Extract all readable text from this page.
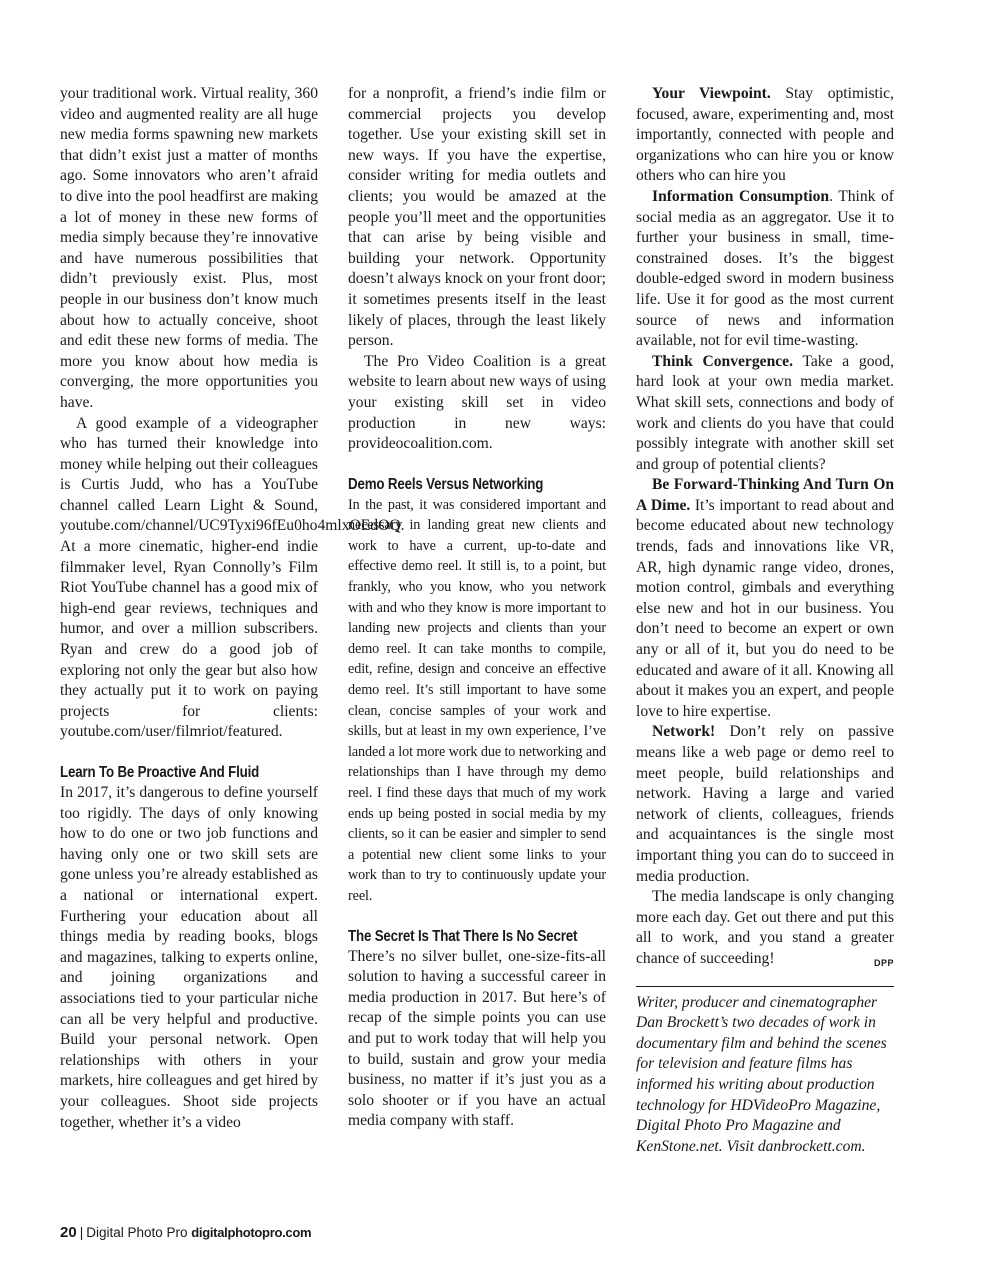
your traditional work. Virtual reality, 360 video and augmented reality are all huge new media forms spawning new markets that didn’t exist just a matter of months ago. Some innovators who aren’t afraid to dive into the pool headfirst are making a lot of money in these new forms of media simply because they’re innovative and have numerous possibilities that didn’t previously exist. Plus, most people in our business don’t know much about how to actually conceive, shoot and edit these new forms of media. The more you know about how media is converging, the more opportunities you have.

A good example of a videographer who has turned their knowledge into money while helping out their colleagues is Curtis Judd, who has a YouTube channel called Learn Light & Sound, youtube.com/channel/UC9Tyxi96fEu0ho4mlxOEdOQ. At a more cinematic, higher-end indie filmmaker level, Ryan Connolly’s Film Riot YouTube channel has a good mix of high-end gear reviews, techniques and humor, and over a million subscribers. Ryan and crew do a good job of exploring not only the gear but also how they actually put it to work on paying projects for clients: youtube.com/user/filmriot/featured.

Learn To Be Proactive And Fluid

In 2017, it’s dangerous to define yourself too rigidly. The days of only knowing how to do one or two job functions and having only one or two skill sets are gone unless you’re already established as a national or international expert. Furthering your education about all things media by reading books, blogs and magazines, talking to experts online, and joining organizations and associations tied to your particular niche can all be very helpful and productive. Build your personal network. Open relationships with others in your markets, hire colleagues and get hired by your colleagues. Shoot side projects together, whether it’s a video

for a nonprofit, a friend’s indie film or commercial projects you develop together. Use your existing skill set in new ways. If you have the expertise, consider writing for media outlets and clients; you would be amazed at the people you’ll meet and the opportunities that can arise by being visible and building your network. Opportunity doesn’t always knock on your front door; it sometimes presents itself in the least likely of places, through the least likely person.

The Pro Video Coalition is a great website to learn about new ways of using your existing skill set in video production in new ways: provideocoalition.com.

Demo Reels Versus Networking

In the past, it was considered important and necessary in landing great new clients and work to have a current, up-to-date and effective demo reel. It still is, to a point, but frankly, who you know, who you network with and who they know is more important to landing new projects and clients than your demo reel. It can take months to compile, edit, refine, design and conceive an effective demo reel. It’s still important to have some clean, concise samples of your work and skills, but at least in my own experience, I’ve landed a lot more work due to networking and relationships than I have through my demo reel. I find these days that much of my work ends up being posted in social media by my clients, so it can be easier and simpler to send a potential new client some links to your work than to try to continuously update your reel.

The Secret Is That There Is No Secret

There’s no silver bullet, one-size-fits-all solution to having a successful career in media production in 2017. But here’s of recap of the simple points you can use and put to work today that will help you to build, sustain and grow your media business, no matter if it’s just you as a solo shooter or if you have an actual media company with staff.

Your Viewpoint. Stay optimistic, focused, aware, experimenting and, most importantly, connected with people and organizations who can hire you or know others who can hire you

Information Consumption. Think of social media as an aggregator. Use it to further your business in small, time-constrained doses. It’s the biggest double-edged sword in modern business life. Use it for good as the most current source of news and information available, not for evil time-wasting.

Think Convergence. Take a good, hard look at your own media market. What skill sets, connections and body of work and clients do you have that could possibly integrate with another skill set and group of potential clients?

Be Forward-Thinking And Turn On A Dime. It’s important to read about and become educated about new technology trends, fads and innovations like VR, AR, high dynamic range video, drones, motion control, gimbals and everything else new and hot in our business. You don’t need to become an expert or own any or all of it, but you do need to be educated and aware of it all. Knowing all about it makes you an expert, and people love to hire expertise.

Network! Don’t rely on passive means like a web page or demo reel to meet people, build relationships and network. Having a large and varied network of clients, colleagues, friends and acquaintances is the single most important thing you can do to succeed in media production.

The media landscape is only changing more each day. Get out there and put this all to work, and you stand a greater chance of succeeding!	DPP

Writer, producer and cinematographer Dan Brockett’s two decades of work in documentary film and behind the scenes for television and feature films has informed his writing about production technology for HDVideoPro Magazine, Digital Photo Pro Magazine and KenStone.net. Visit danbrockett.com.

20 | Digital Photo Pro digitalphotopro.com
